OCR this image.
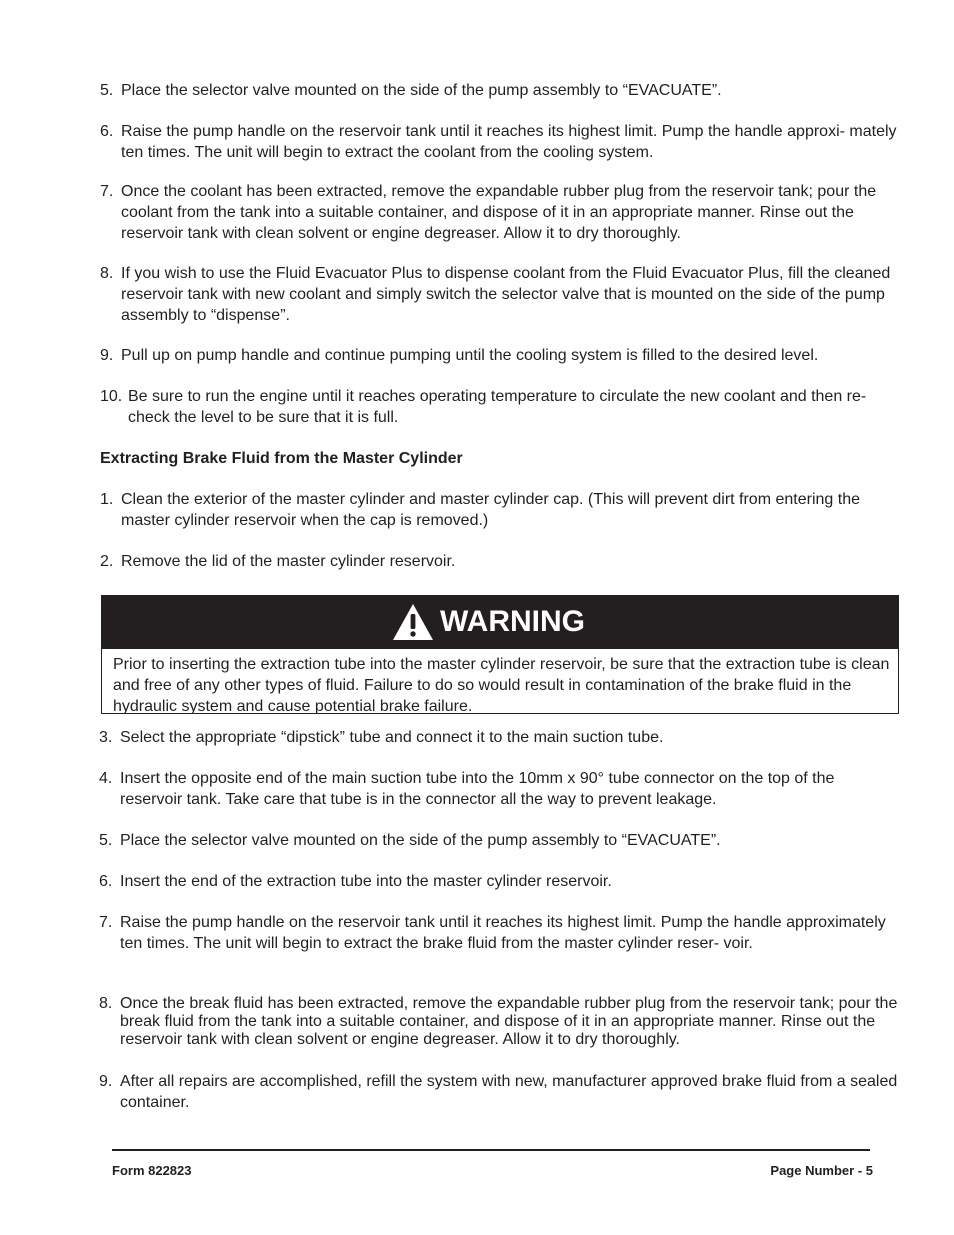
5. Place the selector valve mounted on the side of the pump assembly to “EVACUATE”.
6. Raise the pump handle on the reservoir tank until it reaches its highest limit. Pump the handle approxi- mately ten times. The unit will begin to extract the coolant from the cooling system.
7. Once the coolant has been extracted, remove the expandable rubber plug from the reservoir tank; pour the coolant from the tank into a suitable container, and dispose of it in an appropriate manner. Rinse out the reservoir tank with clean solvent or engine degreaser. Allow it to dry thoroughly.
8. If you wish to use the Fluid Evacuator Plus to dispense coolant from the Fluid Evacuator Plus, fill the cleaned reservoir tank with new coolant and simply switch the selector valve that is mounted on the side of the pump assembly to “dispense”.
9. Pull up on pump handle and continue pumping until the cooling system is filled to the desired level.
10. Be sure to run the engine until it reaches operating temperature to circulate the new coolant and then re-check the level to be sure that it is full.
Extracting Brake Fluid from the Master Cylinder
1. Clean the exterior of the master cylinder and master cylinder cap. (This will prevent dirt from entering the master cylinder reservoir when the cap is removed.)
2. Remove the lid of the master cylinder reservoir.
WARNING
Prior to inserting the extraction tube into the master cylinder reservoir, be sure that the extraction tube is clean and free of any other types of fluid. Failure to do so would result in contamination of the brake fluid in the hydraulic system and cause potential brake failure.
3. Select the appropriate “dipstick” tube and connect it to the main suction tube.
4. Insert the opposite end of the main suction tube into the 10mm x 90° tube connector on the top of the reservoir tank. Take care that tube is in the connector all the way to prevent leakage.
5. Place the selector valve mounted on the side of the pump assembly to “EVACUATE”.
6. Insert the end of the extraction tube into the master cylinder reservoir.
7. Raise the pump handle on the reservoir tank until it reaches its highest limit. Pump the handle approximately ten times. The unit will begin to extract the brake fluid from the master cylinder reser- voir.
8. Once the break fluid has been extracted, remove the expandable rubber plug from the reservoir tank; pour the break fluid from the tank into a suitable container, and dispose of it in an appropriate manner. Rinse out the reservoir tank with clean solvent or engine degreaser. Allow it to dry thoroughly.
9. After all repairs are accomplished, refill the system with new, manufacturer approved brake fluid from a sealed container.
Form 822823	Page Number - 5
